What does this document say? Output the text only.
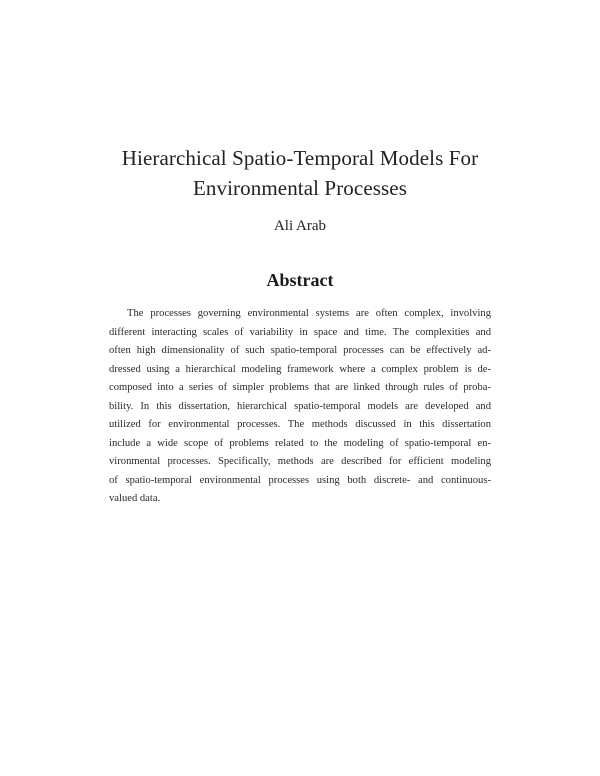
Hierarchical Spatio-Temporal Models For
Environmental Processes

Ali Arab

Abstract
The processes governing environmental systems are often complex, involving
different interacting scales of variability in space and time. The complexities and
often high dimensionality of such spatio-temporal processes can be effectively ad-
dressed using a hierarchical modeling framework where a complex problem is de-
composed into a series of simpler problems that are linked through rules of proba-
bility. In this dissertation, hierarchical spatio-temporal models are developed and
utilized for environmental processes. The methods discussed in this dissertation
include a wide scope of problems related to the modeling of spatio-temporal en-
vironmental processes. Specifically, methods are described for efficient modeling
of spatio-temporal environmental processes using both discrete- and continuous-
valued data.
